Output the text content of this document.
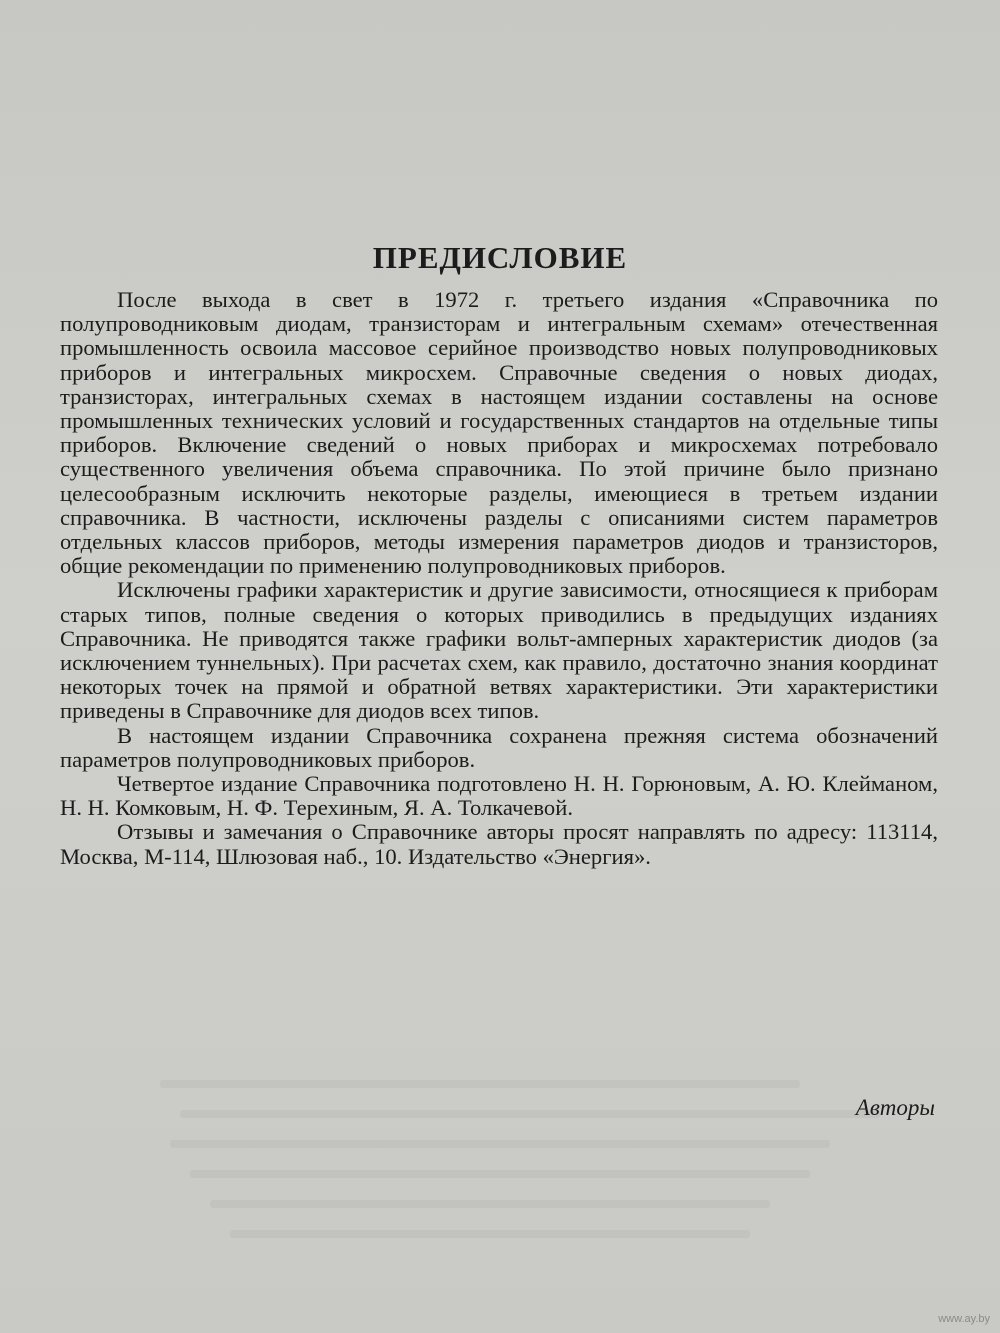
ПРЕДИСЛОВИЕ

После выхода в свет в 1972 г. третьего издания «Справочника по полупроводниковым диодам, транзисторам и интегральным схемам» отечественная промышленность освоила массовое серийное производство новых полупроводниковых приборов и интегральных микросхем. Справочные сведения о новых диодах, транзисторах, интегральных схемах в настоящем издании составлены на основе промышленных технических условий и государственных стандартов на отдельные типы приборов. Включение сведений о новых приборах и микросхемах потребовало существенного увеличения объема справочника. По этой причине было признано целесообразным исключить некоторые разделы, имеющиеся в третьем издании справочника. В частности, исключены разделы с описаниями систем параметров отдельных классов приборов, методы измерения параметров диодов и транзисторов, общие рекомендации по применению полупроводниковых приборов.

Исключены графики характеристик и другие зависимости, относящиеся к приборам старых типов, полные сведения о которых приводились в предыдущих изданиях Справочника. Не приводятся также графики вольт-амперных характеристик диодов (за исключением туннельных). При расчетах схем, как правило, достаточно знания координат некоторых точек на прямой и обратной ветвях характеристики. Эти характеристики приведены в Справочнике для диодов всех типов.

В настоящем издании Справочника сохранена прежняя система обозначений параметров полупроводниковых приборов.

Четвертое издание Справочника подготовлено Н. Н. Горюновым, А. Ю. Клейманом, Н. Н. Комковым, Н. Ф. Терехиным, Я. А. Толкачевой.

Отзывы и замечания о Справочнике авторы просят направлять по адресу: 113114, Москва, М-114, Шлюзовая наб., 10. Издательство «Энергия».

Авторы
www.ay.by
